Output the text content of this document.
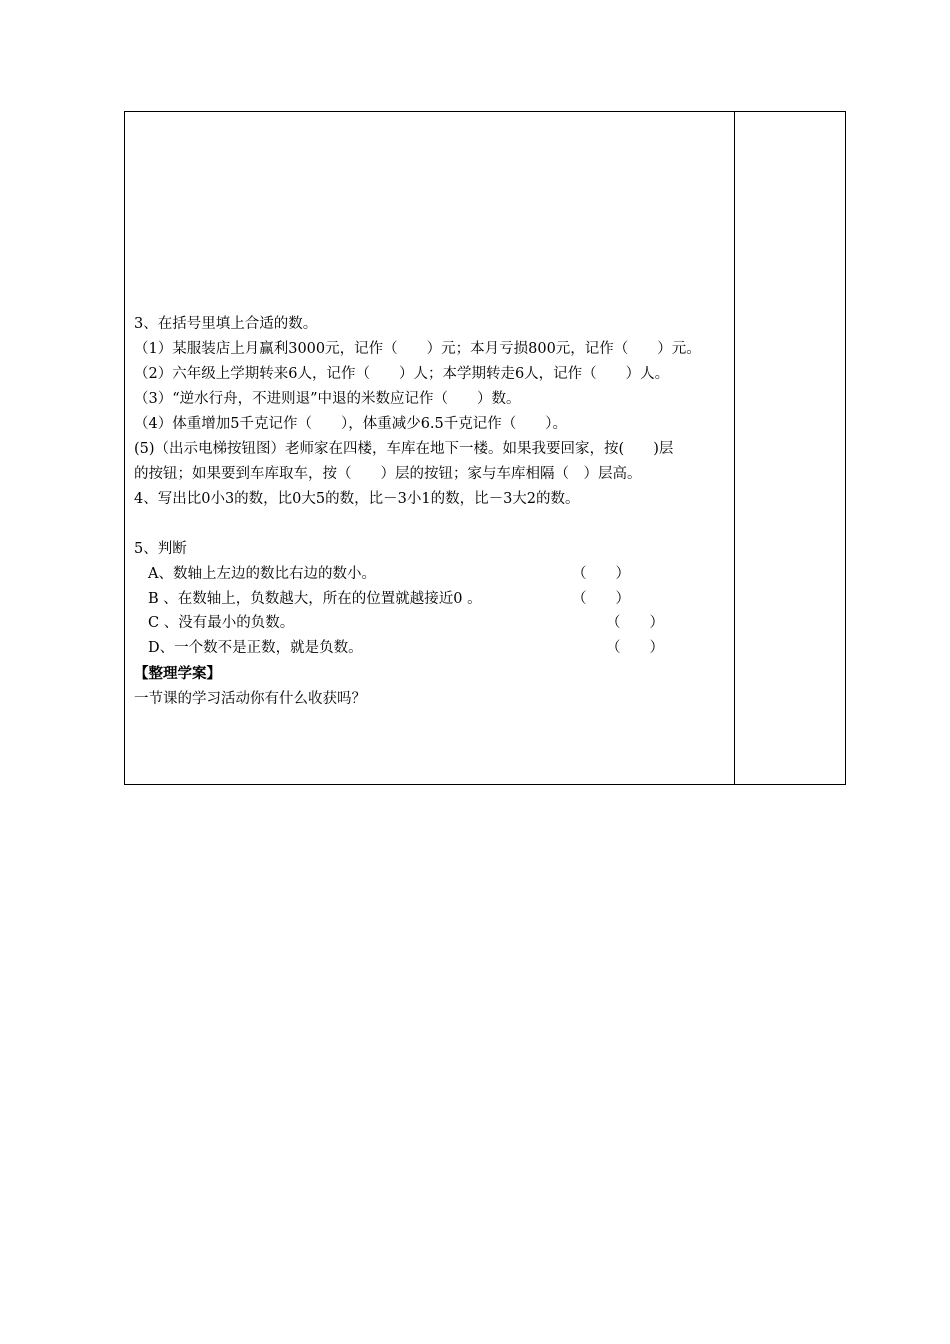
3、在括号里填上合适的数。
（1）某服装店上月赢利3000元，记作（　　）元；本月亏损800元，记作（　　）元。
（2）六年级上学期转来6人，记作（　　）人；本学期转走6人，记作（　　）人。
（3）“逆水行舟，不进则退”中退的米数应记作（　　）数。
（4）体重增加5千克记作（　　），体重减少6.5千克记作（　　）。
(5)（出示电梯按钮图）老师家在四楼，车库在地下一楼。如果我要回家，按(　　)层
的按钮；如果要到车库取车，按（　　）层的按钮；家与车库相隔（　）层高。
4、写出比0小3的数，比0大5的数，比－3小1的数，比－3大2的数。
5、判断
A、数轴上左边的数比右边的数小。	（　　）
B 、在数轴上，负数越大，所在的位置就越接近0 。	（　　）
C 、没有最小的负数。	（　　）
D、一个数不是正数，就是负数。	（　　）
【整理学案】
一节课的学习活动你有什么收获吗？
